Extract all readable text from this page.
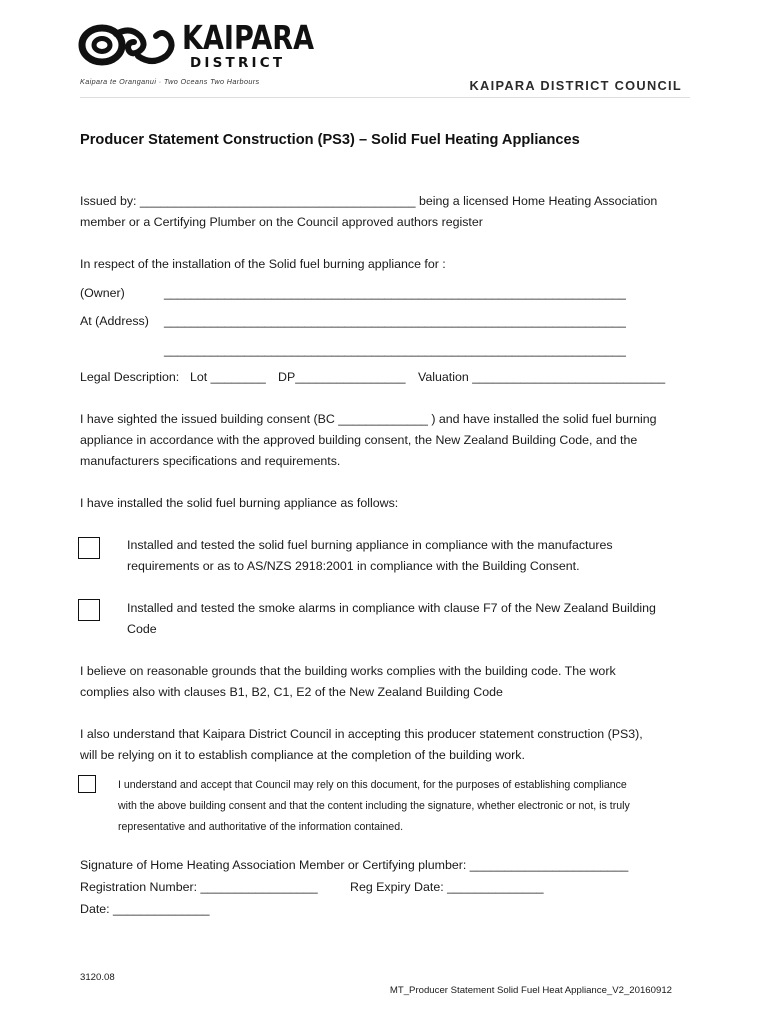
KAIPARA
DISTRICT
Kaipara te Oranganui · Two Oceans Two Harbours	KAIPARA DISTRICT COUNCIL
Producer Statement Construction (PS3) – Solid Fuel Heating Appliances
Issued by: ________________________________________ being a licensed Home Heating Association
member or a Certifying Plumber on the Council approved authors register
In respect of the installation of the Solid fuel burning appliance for :
(Owner)	_____________________________________________________________________
At (Address) _____________________________________________________________________
_____________________________________________________________________
Legal Description: Lot ________ DP________________ Valuation ____________________________
I have sighted the issued building consent (BC _____________ ) and have installed the solid fuel burning
appliance in accordance with the approved building consent, the New Zealand Building Code, and the
manufacturers specifications and requirements.
I have installed the solid fuel burning appliance as follows:
Installed and tested the solid fuel burning appliance in compliance with the manufactures
requirements or as to AS/NZS 2918:2001 in compliance with the Building Consent.
Installed and tested the smoke alarms in compliance with clause F7 of the New Zealand Building
Code
I believe on reasonable grounds that the building works complies with the building code. The work
complies also with clauses B1, B2, C1, E2 of the New Zealand Building Code
I also understand that Kaipara District Council in accepting this producer statement construction (PS3),
will be relying on it to establish compliance at the completion of the building work.
I understand and accept that Council may rely on this document, for the purposes of establishing compliance
with the above building consent and that the content including the signature, whether electronic or not, is truly
representative and authoritative of the information contained.
Signature of Home Heating Association Member or Certifying plumber: _______________________
Registration Number: _________________	Reg Expiry Date: ______________
Date: ______________
3120.08
MT_Producer Statement Solid Fuel Heat Appliance_V2_20160912
